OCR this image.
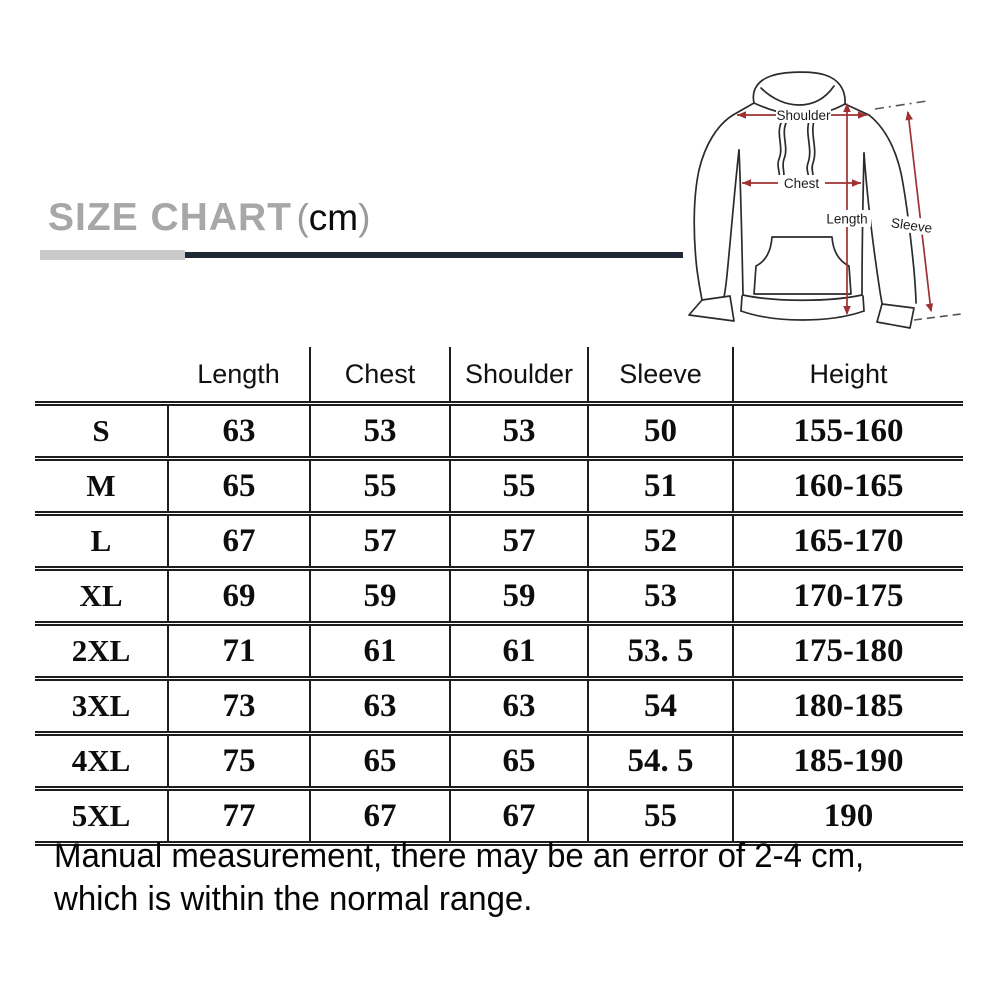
SIZE CHART (cm)
Shoulder
Chest
Length Sleeve
	Length	Chest	Shoulder	Sleeve	Height
S	63	53	53	50	155-160
M	65	55	55	51	160-165
L	67	57	57	52	165-170
XL	69	59	59	53	170-175
2XL	71	61	61	53. 5	175-180
3XL	73	63	63	54	180-185
4XL	75	65	65	54. 5	185-190
5XL	77	67	67	55	190
Manual measurement, there may be an error of 2-4 cm,
which is within the normal range.
